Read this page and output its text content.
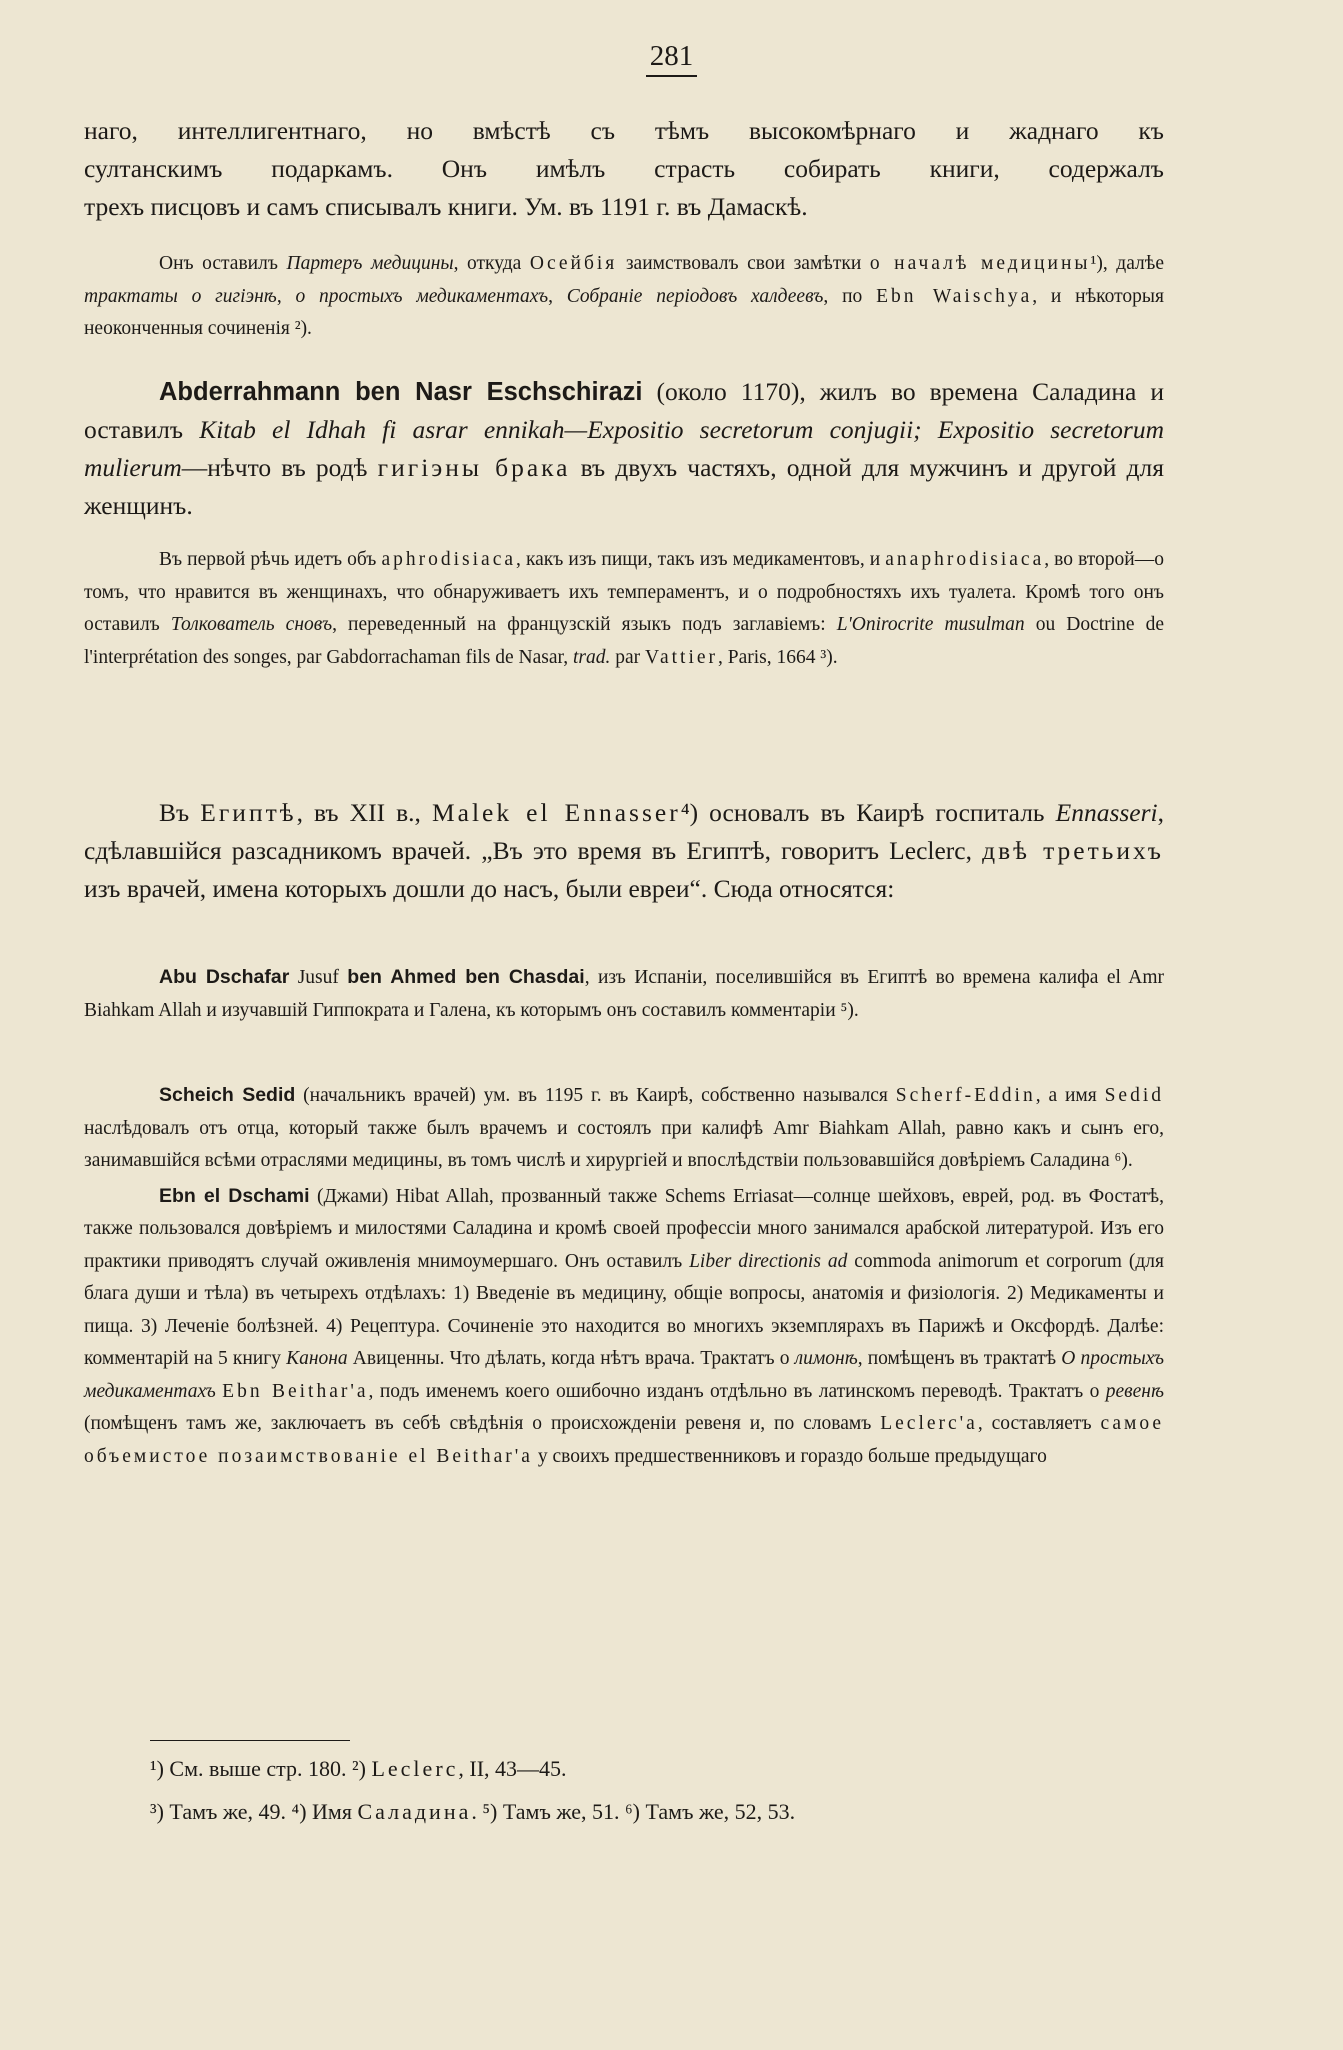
281

наго, интеллигентнаго, но вмѣстѣ съ тѣмъ высокомѣрнаго и жаднаго къ

султанскимъ подаркамъ. Онъ имѣлъ страсть собирать книги, содержалъ

трехъ писцовъ и самъ списывалъ книги. Ум. въ 1191 г. въ Дамаскѣ.

Онъ оставилъ Партеръ медицины, откуда Осейбiя заимствовалъ свои замѣтки о началѣ медицины¹), далѣе трактаты о гигiэнѣ, о простыхъ медикаментахъ, Собранiе перiодовъ халдеевъ, по Ebn Waischya, и нѣкоторыя неоконченныя сочиненiя ²).

Abderrahmann ben Nasr Eschschirazi (около 1170), жилъ во времена Саладина и оставилъ Kitab el Idhah fi asrar ennikah—Expositio secretorum conjugii; Expositio secretorum mulierum—нѣчто въ родѣ гигiэны брака въ двухъ частяхъ, одной для мужчинъ и другой для женщинъ.

Въ первой рѣчь идетъ объ aphrodisiaca, какъ изъ пищи, такъ изъ медикаментовъ, и anaphrodisiaca, во второй—о томъ, что нравится въ женщинахъ, что обнаруживаетъ ихъ темпераментъ, и о подробностяхъ ихъ туалета. Кромѣ того онъ оставилъ Толкователь сновъ, переведенный на французскiй языкъ подъ заглавiемъ: L'Onirocrite musulman ou Doctrine de l'interprétation des songes, par Gabdorrachaman fils de Nasar, trad. par Vattier, Paris, 1664 ³).

Въ Египтѣ, въ XII в., Malek el Ennasser⁴) основалъ въ Каирѣ госпиталь Ennasseri, сдѣлавшiйся разсадникомъ врачей. „Въ это время въ Египтѣ, говоритъ Leclerc, двѣ третьихъ изъ врачей, имена которыхъ дошли до насъ, были евреи“. Сюда относятся:

Abu Dschafar Jusuf ben Ahmed ben Chasdai, изъ Испанiи, поселившiйся въ Египтѣ во времена калифа el Amr Biahkam Allah и изучавшiй Гиппократа и Галена, къ которымъ онъ составилъ комментарiи ⁵).

Scheich Sedid (начальникъ врачей) ум. въ 1195 г. въ Каирѣ, собственно назывался Scherf-Eddin, а имя Sedid наслѣдовалъ отъ отца, который также былъ врачемъ и состоялъ при калифѣ Amr Biahkam Allah, равно какъ и сынъ его, занимавшiйся всѣми отраслями медицины, въ томъ числѣ и хирургiей и впослѣдствiи пользовавшiйся довѣрiемъ Саладина ⁶).

Ebn el Dschami (Джами) Hibat Allah, прозванный также Schems Erriasat—солнце шейховъ, еврей, род. въ Фостатѣ, также пользовался довѣрiемъ и милостями Саладина и кромѣ своей профессiи много занимался арабской литературой. Изъ его практики приводятъ случай оживленiя мнимоумершаго. Онъ оставилъ Liber directionis ad commoda animorum et corporum (для блага души и тѣла) въ четырехъ отдѣлахъ: 1) Введенiе въ медицину, общiе вопросы, анатомiя и физiологiя. 2) Медикаменты и пища. 3) Леченiе болѣзней. 4) Рецептура. Сочиненiе это находится во многихъ экземплярахъ въ Парижѣ и Оксфордѣ. Далѣе: комментарiй на 5 книгу Канона Авиценны. Что дѣлать, когда нѣтъ врача. Трактатъ о лимонѣ, помѣщенъ въ трактатѣ О простыхъ медикаментахъ Ebn Beithar'a, подъ именемъ коего ошибочно изданъ отдѣльно въ латинскомъ переводѣ. Трактатъ о ревенѣ (помѣщенъ тамъ же, заключаетъ въ себѣ свѣдѣнiя о происхожденiи ревеня и, по словамъ Leclerc'a, составляетъ самое объемистое позаимствованiе el Beithar'a у своихъ предшественниковъ и гораздо больше предыдущаго

¹) См. выше стр. 180. ²) Leclerc, II, 43—45.
³) Тамъ же, 49. ⁴) Имя Саладина. ⁵) Тамъ же, 51. ⁶) Тамъ же, 52, 53.
